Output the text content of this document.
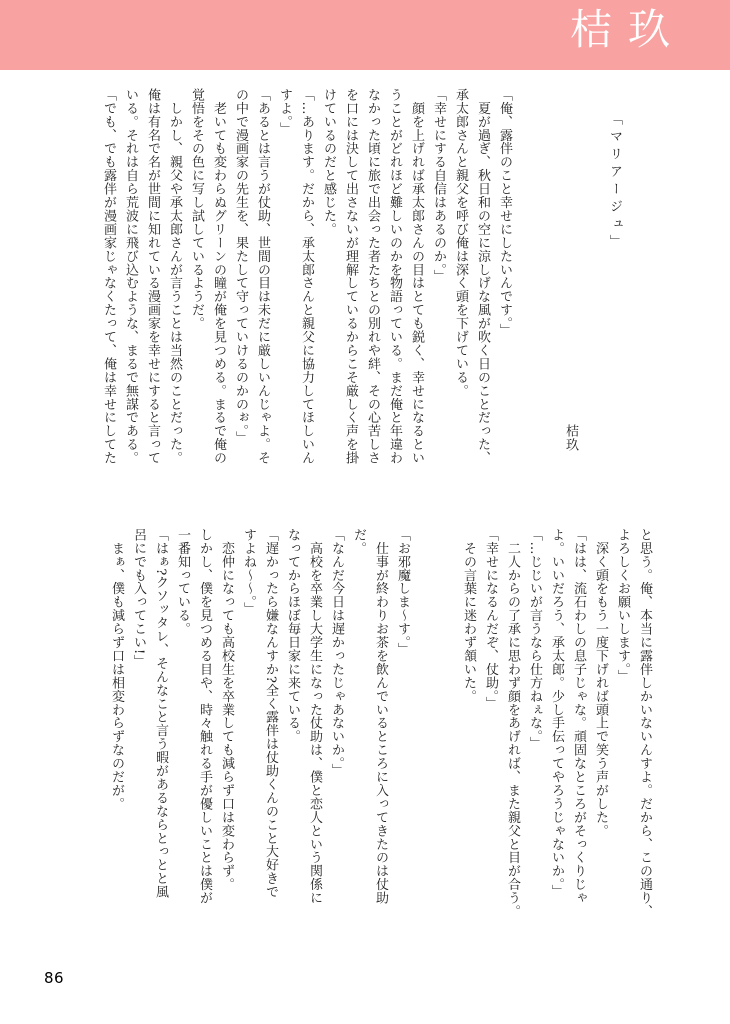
桔玖
「マリアージュ」
桔玖
「俺、露伴のこと幸せにしたいんです。」
　夏が過ぎ、秋日和の空に涼しげな風が吹く日のことだった、
承太郎さんと親父を呼び俺は深く頭を下げている。
「幸せにする自信はあるのか。」
　顔を上げれば承太郎さんの目はとても鋭く、幸せになるとい
うことがどれほど難しいのかを物語っている。まだ俺と年違わ
なかった頃に旅で出会った者たちとの別れや絆、その心苦しさ
を口には決して出さないが理解しているからこそ厳しく声を掛
けているのだと感じた。
「…あります。だから、承太郎さんと親父に協力してほしいん
すよ。」
「あるとは言うが仗助、世間の目は未だに厳しいんじゃよ。そ
の中で漫画家の先生を、果たして守っていけるのかのぉ。」
　老いても変わらぬグリーンの瞳が俺を見つめる。まるで俺の
覚悟をその色に写し試しているようだ。
　しかし、親父や承太郎さんが言うことは当然のことだった。
俺は有名で名が世間に知れている漫画家を幸せにすると言って
いる。それは自ら荒波に飛び込むような、まるで無謀である。
「でも、でも露伴が漫画家じゃなくたって、俺は幸せにしてた
と思う。俺、本当に露伴しかいないんすよ。だから、この通り、
よろしくお願いします。」
　深く頭をもう一度下げれば頭上で笑う声がした。
「はは、流石わしの息子じゃな。頑固なところがそっくりじゃ
よ。いいだろう、承太郎。少し手伝ってやろうじゃないか。」
「…じじいが言うなら仕方ねぇな。」
　二人からの了承に思わず顔をあげれば、また親父と目が合う。
「幸せになるんだぞ、仗助。」
　その言葉に迷わず頷いた。
「お邪魔しま～す。」
　仕事が終わりお茶を飲んでいるところに入ってきたのは仗助
だ。
「なんだ今日は遅かったじゃあないか。」
　高校を卒業し大学生になった仗助は、僕と恋人という関係に
なってからほぼ毎日家に来ている。
「遅かったら嫌なんすか?全く露伴は仗助くんのこと大好きで
すよね～～。」
　恋仲になっても高校生を卒業しても減らず口は変わらず。
しかし、僕を見つめる目や、時々触れる手が優しいことは僕が
一番知っている。
「はぁ?クソッタレ、そんなこと言う暇があるならとっとと風
呂にでも入ってこい!」
　まぁ、僕も減らず口は相変わらずなのだが。
86
